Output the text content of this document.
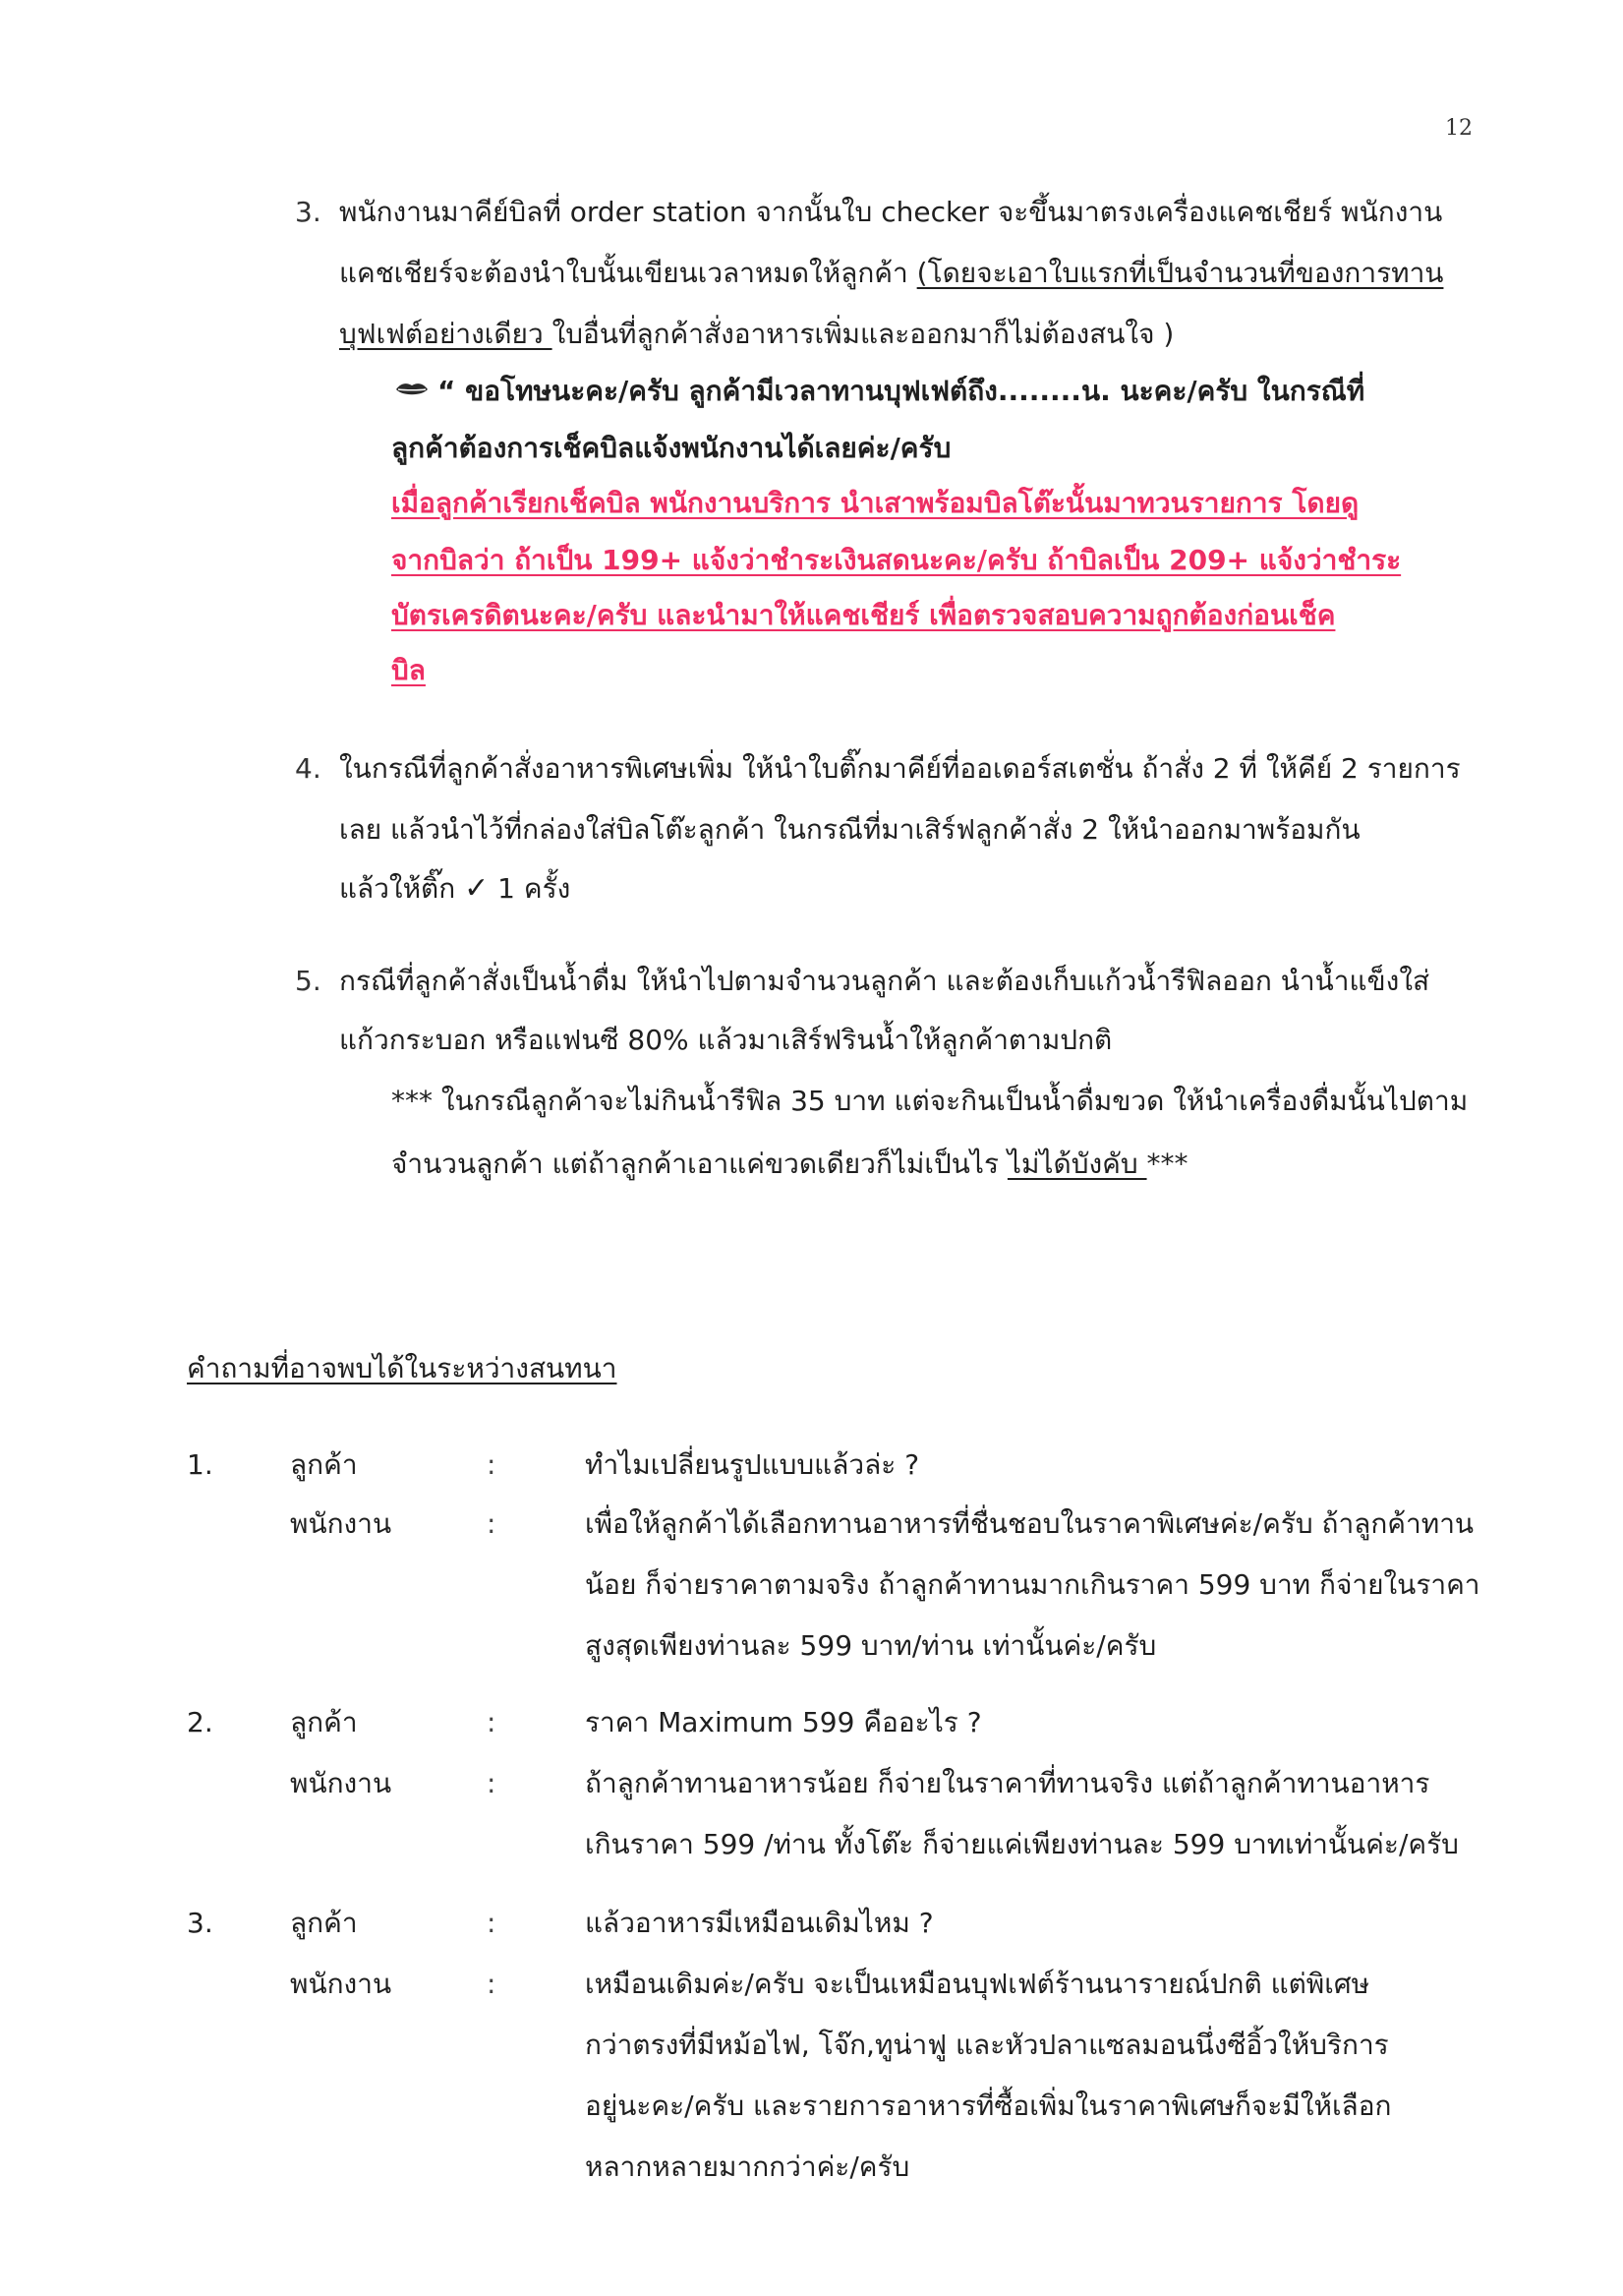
12
3. พนักงานมาคีย์บิลที่ order station จากนั้นใบ checker จะขึ้นมาตรงเครื่องแคชเชียร์ พนักงาน
แคชเชียร์จะต้องนำใบนั้นเขียนเวลาหมดให้ลูกค้า (โดยจะเอาใบแรกที่เป็นจำนวนที่ของการทาน
บุฟเฟต์อย่างเดียว ใบอื่นที่ลูกค้าสั่งอาหารเพิ่มและออกมาก็ไม่ต้องสนใจ )
“ ขอโทษนะคะ/ครับ ลูกค้ามีเวลาทานบุฟเฟต์ถึง........น. นะคะ/ครับ ในกรณีที่
ลูกค้าต้องการเช็คบิลแจ้งพนักงานได้เลยค่ะ/ครับ
เมื่อลูกค้าเรียกเช็คบิล พนักงานบริการ นำเสาพร้อมบิลโต๊ะนั้นมาทวนรายการ โดยดู
จากบิลว่า ถ้าเป็น 199+ แจ้งว่าชำระเงินสดนะคะ/ครับ ถ้าบิลเป็น 209+ แจ้งว่าชำระ
บัตรเครดิตนะคะ/ครับ และนำมาให้แคชเชียร์ เพื่อตรวจสอบความถูกต้องก่อนเช็ค
บิล
4. ในกรณีที่ลูกค้าสั่งอาหารพิเศษเพิ่ม ให้นำใบติ๊กมาคีย์ที่ออเดอร์สเตชั่น ถ้าสั่ง 2 ที่ ให้คีย์ 2 รายการ
เลย แล้วนำไว้ที่กล่องใส่บิลโต๊ะลูกค้า ในกรณีที่มาเสิร์ฟลูกค้าสั่ง 2 ให้นำออกมาพร้อมกัน
แล้วให้ติ๊ก ✓ 1 ครั้ง
5. กรณีที่ลูกค้าสั่งเป็นน้ำดื่ม ให้นำไปตามจำนวนลูกค้า และต้องเก็บแก้วน้ำรีฟิลออก นำน้ำแข็งใส่
แก้วกระบอก หรือแฟนซี 80% แล้วมาเสิร์ฟรินน้ำให้ลูกค้าตามปกติ
*** ในกรณีลูกค้าจะไม่กินน้ำรีฟิล 35 บาท แต่จะกินเป็นน้ำดื่มขวด ให้นำเครื่องดื่มนั้นไปตาม
จำนวนลูกค้า แต่ถ้าลูกค้าเอาแค่ขวดเดียวก็ไม่เป็นไร ไม่ได้บังคับ ***
คำถามที่อาจพบได้ในระหว่างสนทนา
1.	ลูกค้า	:	ทำไมเปลี่ยนรูปแบบแล้วล่ะ ?
พนักงาน	:	เพื่อให้ลูกค้าได้เลือกทานอาหารที่ชื่นชอบในราคาพิเศษค่ะ/ครับ ถ้าลูกค้าทาน
น้อย ก็จ่ายราคาตามจริง ถ้าลูกค้าทานมากเกินราคา 599 บาท ก็จ่ายในราคา
สูงสุดเพียงท่านละ 599 บาท/ท่าน เท่านั้นค่ะ/ครับ
2.	ลูกค้า	:	ราคา Maximum 599 คืออะไร ?
พนักงาน	:	ถ้าลูกค้าทานอาหารน้อย ก็จ่ายในราคาที่ทานจริง แต่ถ้าลูกค้าทานอาหาร
เกินราคา 599 /ท่าน ทั้งโต๊ะ ก็จ่ายแค่เพียงท่านละ 599 บาทเท่านั้นค่ะ/ครับ
3.	ลูกค้า	:	แล้วอาหารมีเหมือนเดิมไหม ?
พนักงาน	:	เหมือนเดิมค่ะ/ครับ จะเป็นเหมือนบุฟเฟต์ร้านนารายณ์ปกติ แต่พิเศษ
กว่าตรงที่มีหม้อไฟ, โจ๊ก,ทูน่าฟู และหัวปลาแซลมอนนึ่งซีอิ้วให้บริการ
อยู่นะคะ/ครับ และรายการอาหารที่ซื้อเพิ่มในราคาพิเศษก็จะมีให้เลือก
หลากหลายมากกว่าค่ะ/ครับ
